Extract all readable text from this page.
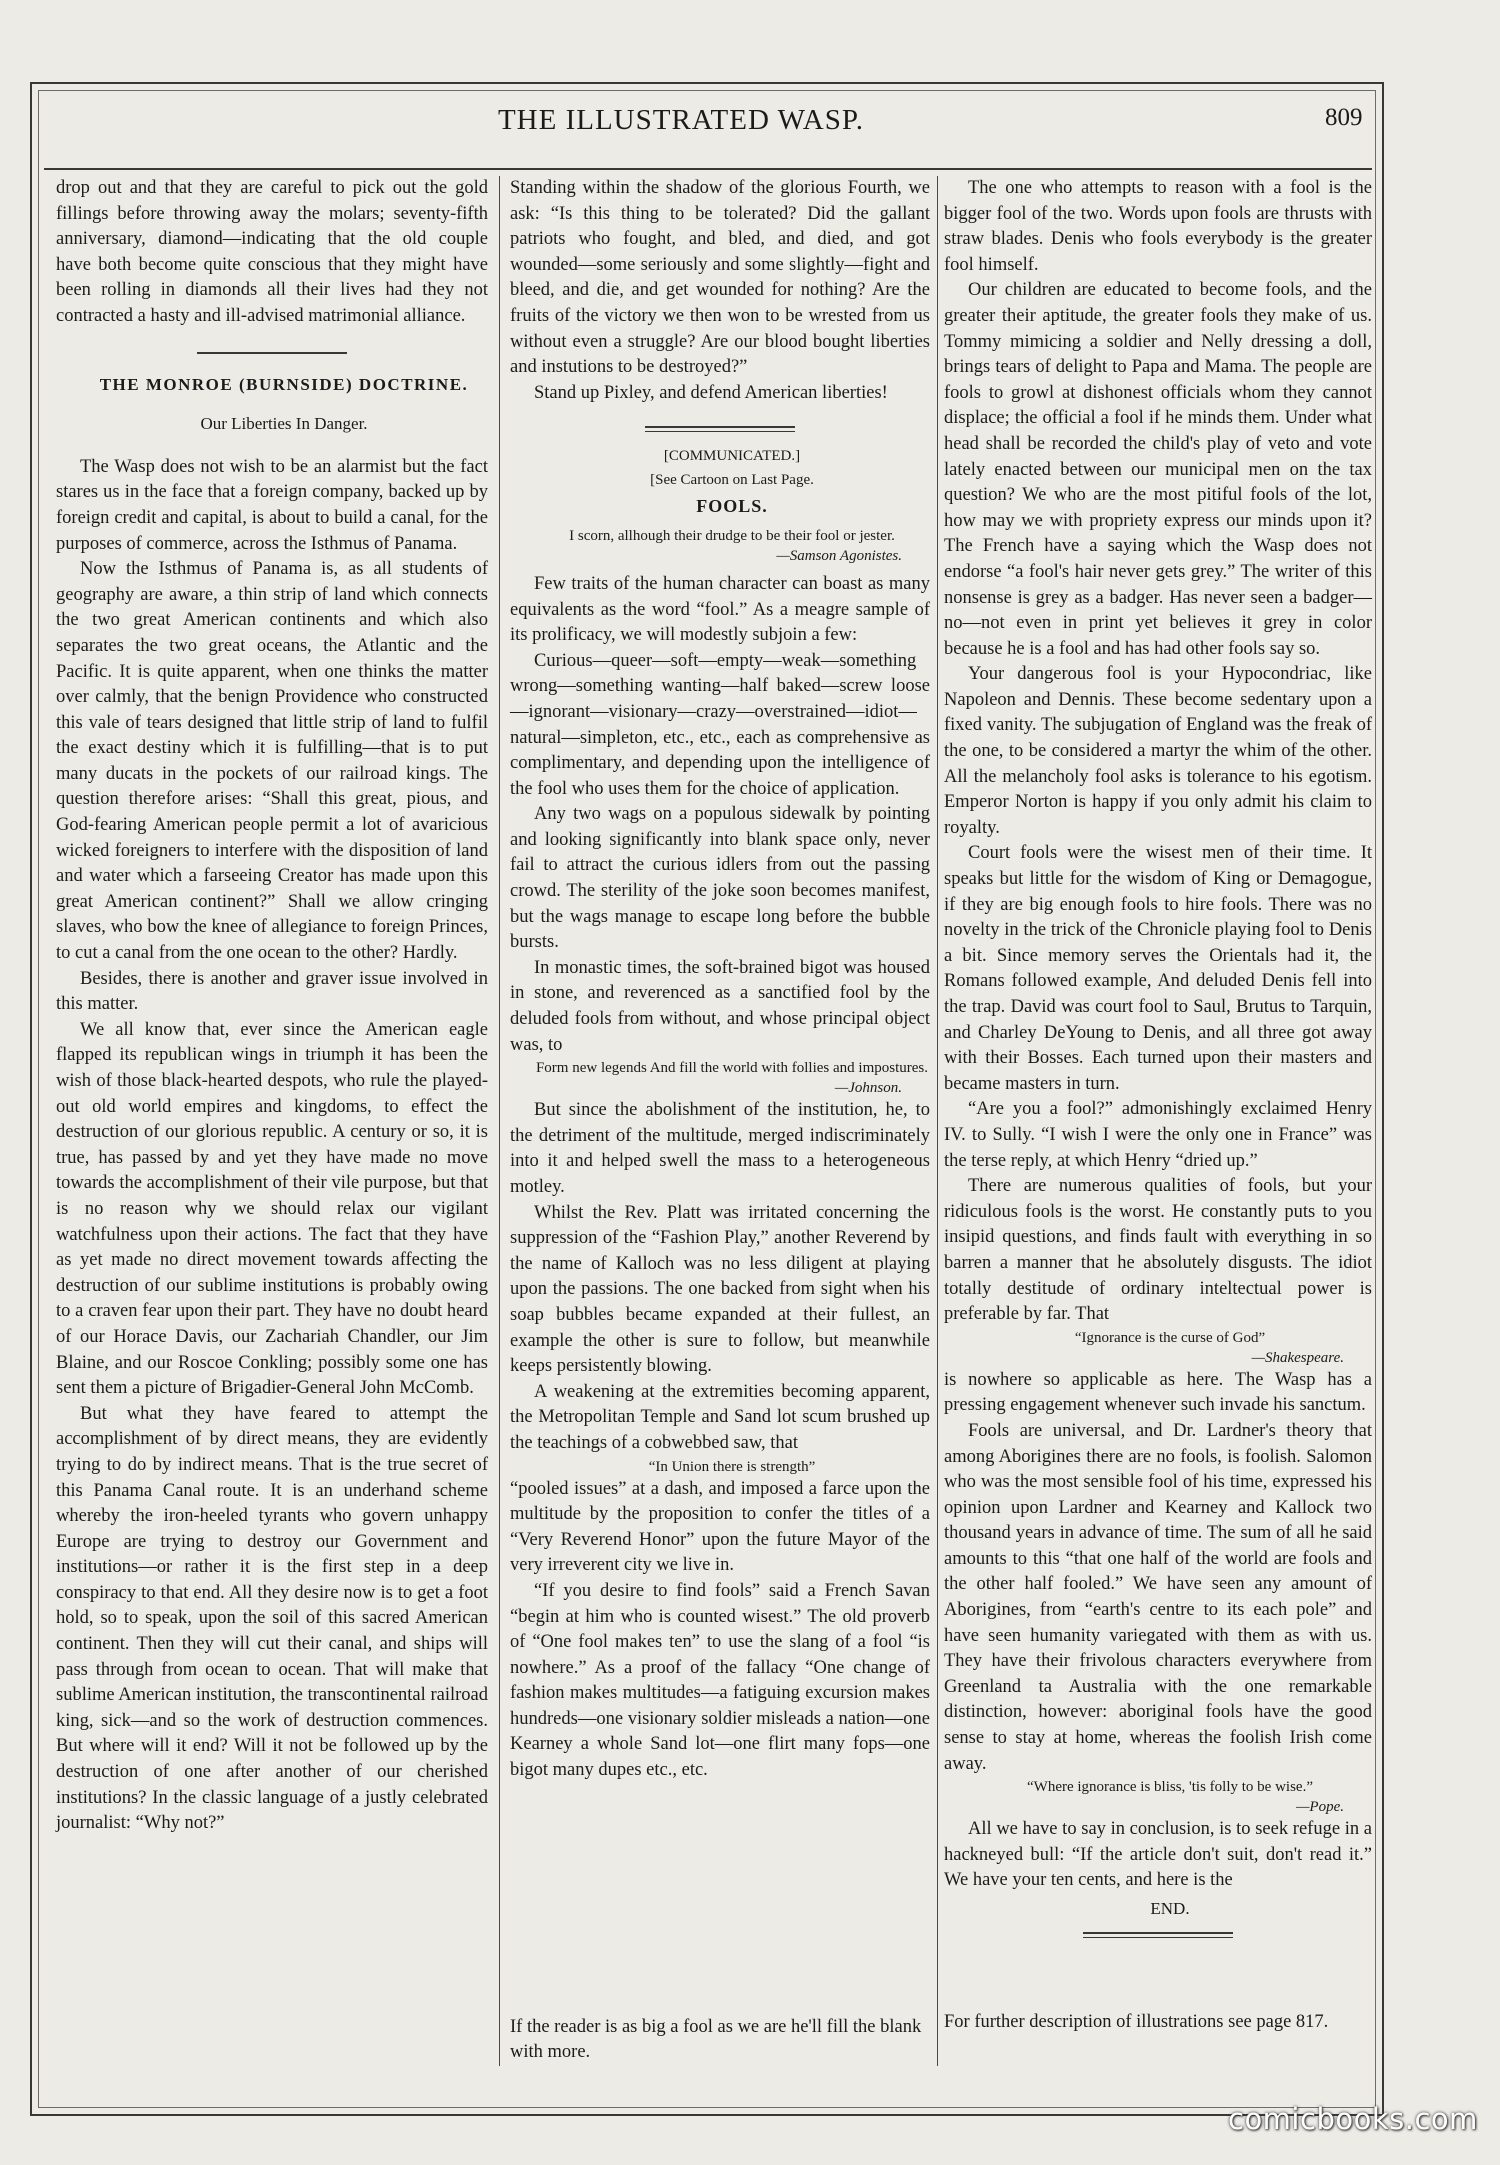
THE ILLUSTRATED WASP.	809

drop out and that they are careful to pick out the gold fillings before throwing away the molars; seventy-fifth anniversary, diamond—indicating that the old couple have both become quite conscious that they might have been rolling in diamonds all their lives had they not contracted a hasty and ill-advised matrimonial alliance.

THE MONROE (BURNSIDE) DOCTRINE.

Our Liberties In Danger.

The Wasp does not wish to be an alarmist but the fact stares us in the face that a foreign company, backed up by foreign credit and capital, is about to build a canal, for the purposes of commerce, across the Isthmus of Panama.

Now the Isthmus of Panama is, as all students of geography are aware, a thin strip of land which connects the two great American continents and which also separates the two great oceans, the Atlantic and the Pacific. It is quite apparent, when one thinks the matter over calmly, that the benign Providence who constructed this vale of tears designed that little strip of land to fulfil the exact destiny which it is fulfilling—that is to put many ducats in the pockets of our railroad kings. The question therefore arises: “Shall this great, pious, and God-fearing American people permit a lot of avaricious wicked foreigners to interfere with the disposition of land and water which a farseeing Creator has made upon this great American continent?” Shall we allow cringing slaves, who bow the knee of allegiance to foreign Princes, to cut a canal from the one ocean to the other? Hardly.

Besides, there is another and graver issue involved in this matter.

We all know that, ever since the American eagle flapped its republican wings in triumph it has been the wish of those black-hearted despots, who rule the played-out old world empires and kingdoms, to effect the destruction of our glorious republic. A century or so, it is true, has passed by and yet they have made no move towards the accomplishment of their vile purpose, but that is no reason why we should relax our vigilant watchfulness upon their actions. The fact that they have as yet made no direct movement towards affecting the destruction of our sublime institutions is probably owing to a craven fear upon their part. They have no doubt heard of our Horace Davis, our Zachariah Chandler, our Jim Blaine, and our Roscoe Conkling; possibly some one has sent them a picture of Brigadier-General John McComb.

But what they have feared to attempt the accomplishment of by direct means, they are evidently trying to do by indirect means. That is the true secret of this Panama Canal route. It is an underhand scheme whereby the iron-heeled tyrants who govern unhappy Europe are trying to destroy our Government and institutions—or rather it is the first step in a deep conspiracy to that end. All they desire now is to get a foot hold, so to speak, upon the soil of this sacred American continent. Then they will cut their canal, and ships will pass through from ocean to ocean. That will make that sublime American institution, the transcontinental railroad king, sick—and so the work of destruction commences. But where will it end? Will it not be followed up by the destruction of one after another of our cherished institutions? In the classic language of a justly celebrated journalist: “Why not?”

Standing within the shadow of the glorious Fourth, we ask: “Is this thing to be tolerated? Did the gallant patriots who fought, and bled, and died, and got wounded—some seriously and some slightly—fight and bleed, and die, and get wounded for nothing? Are the fruits of the victory we then won to be wrested from us without even a struggle? Are our blood bought liberties and instutions to be destroyed?”

Stand up Pixley, and defend American liberties!

[COMMUNICATED.]

[See Cartoon on Last Page.

FOOLS.

I scorn, allhough their drudge to be their fool or jester.

—Samson Agonistes.

Few traits of the human character can boast as many equivalents as the word “fool.” As a meagre sample of its prolificacy, we will modestly subjoin a few:

Curious—queer—soft—empty—weak—something wrong—something wanting—half baked—screw loose—ignorant—visionary—crazy—overstrained—idiot—natural—simpleton, etc., etc., each as comprehensive as complimentary, and depending upon the intelligence of the fool who uses them for the choice of application.

Any two wags on a populous sidewalk by pointing and looking significantly into blank space only, never fail to attract the curious idlers from out the passing crowd. The sterility of the joke soon becomes manifest, but the wags manage to escape long before the bubble bursts.

In monastic times, the soft-brained bigot was housed in stone, and reverenced as a sanctified fool by the deluded fools from without, and whose principal object was, to

Form new legends And fill the world with follies and impostures.

—Johnson.

But since the abolishment of the institution, he, to the detriment of the multitude, merged indiscriminately into it and helped swell the mass to a heterogeneous motley.

Whilst the Rev. Platt was irritated concerning the suppression of the “Fashion Play,” another Reverend by the name of Kalloch was no less diligent at playing upon the passions. The one backed from sight when his soap bubbles became expanded at their fullest, an example the other is sure to follow, but meanwhile keeps persistently blowing.

A weakening at the extremities becoming apparent, the Metropolitan Temple and Sand lot scum brushed up the teachings of a cobwebbed saw, that

“In Union there is strength”

“pooled issues” at a dash, and imposed a farce upon the multitude by the proposition to confer the titles of a “Very Reverend Honor” upon the future Mayor of the very irreverent city we live in.

“If you desire to find fools” said a French Savan “begin at him who is counted wisest.” The old proverb of “One fool makes ten” to use the slang of a fool “is nowhere.” As a proof of the fallacy “One change of fashion makes multitudes—a fatiguing excursion makes hundreds—one visionary soldier misleads a nation—one Kearney a whole Sand lot—one flirt many fops—one bigot many dupes etc., etc.

If the reader is as big a fool as we are he'll fill the blank with more.

The one who attempts to reason with a fool is the bigger fool of the two. Words upon fools are thrusts with straw blades. Denis who fools everybody is the greater fool himself.

Our children are educated to become fools, and the greater their aptitude, the greater fools they make of us. Tommy mimicing a soldier and Nelly dressing a doll, brings tears of delight to Papa and Mama. The people are fools to growl at dishonest officials whom they cannot displace; the official a fool if he minds them. Under what head shall be recorded the child's play of veto and vote lately enacted between our municipal men on the tax question? We who are the most pitiful fools of the lot, how may we with propriety express our minds upon it? The French have a saying which the Wasp does not endorse “a fool's hair never gets grey.” The writer of this nonsense is grey as a badger. Has never seen a badger—no—not even in print yet believes it grey in color because he is a fool and has had other fools say so.

Your dangerous fool is your Hypocondriac, like Napoleon and Dennis. These become sedentary upon a fixed vanity. The subjugation of England was the freak of the one, to be considered a martyr the whim of the other. All the melancholy fool asks is tolerance to his egotism. Emperor Norton is happy if you only admit his claim to royalty.

Court fools were the wisest men of their time. It speaks but little for the wisdom of King or Demagogue, if they are big enough fools to hire fools. There was no novelty in the trick of the Chronicle playing fool to Denis a bit. Since memory serves the Orientals had it, the Romans followed example, And deluded Denis fell into the trap. David was court fool to Saul, Brutus to Tarquin, and Charley DeYoung to Denis, and all three got away with their Bosses. Each turned upon their masters and became masters in turn.

“Are you a fool?” admonishingly exclaimed Henry IV. to Sully. “I wish I were the only one in France” was the terse reply, at which Henry “dried up.”

There are numerous qualities of fools, but your ridiculous fools is the worst. He constantly puts to you insipid questions, and finds fault with everything in so barren a manner that he absolutely disgusts. The idiot totally destitude of ordinary inteltectual power is preferable by far. That

“Ignorance is the curse of God”

—Shakespeare.

is nowhere so applicable as here. The Wasp has a pressing engagement whenever such invade his sanctum.

Fools are universal, and Dr. Lardner's theory that among Aborigines there are no fools, is foolish. Salomon who was the most sensible fool of his time, expressed his opinion upon Lardner and Kearney and Kallock two thousand years in advance of time. The sum of all he said amounts to this “that one half of the world are fools and the other half fooled.” We have seen any amount of Aborigines, from “earth's centre to its each pole” and have seen humanity variegated with them as with us. They have their frivolous characters everywhere from Greenland ta Australia with the one remarkable distinction, however: aboriginal fools have the good sense to stay at home, whereas the foolish Irish come away.

“Where ignorance is bliss, 'tis folly to be wise.”

—Pope.

All we have to say in conclusion, is to seek refuge in a hackneyed bull: “If the article don't suit, don't read it.” We have your ten cents, and here is the

END.

For further description of illustrations see page 817.
comicbooks.com
